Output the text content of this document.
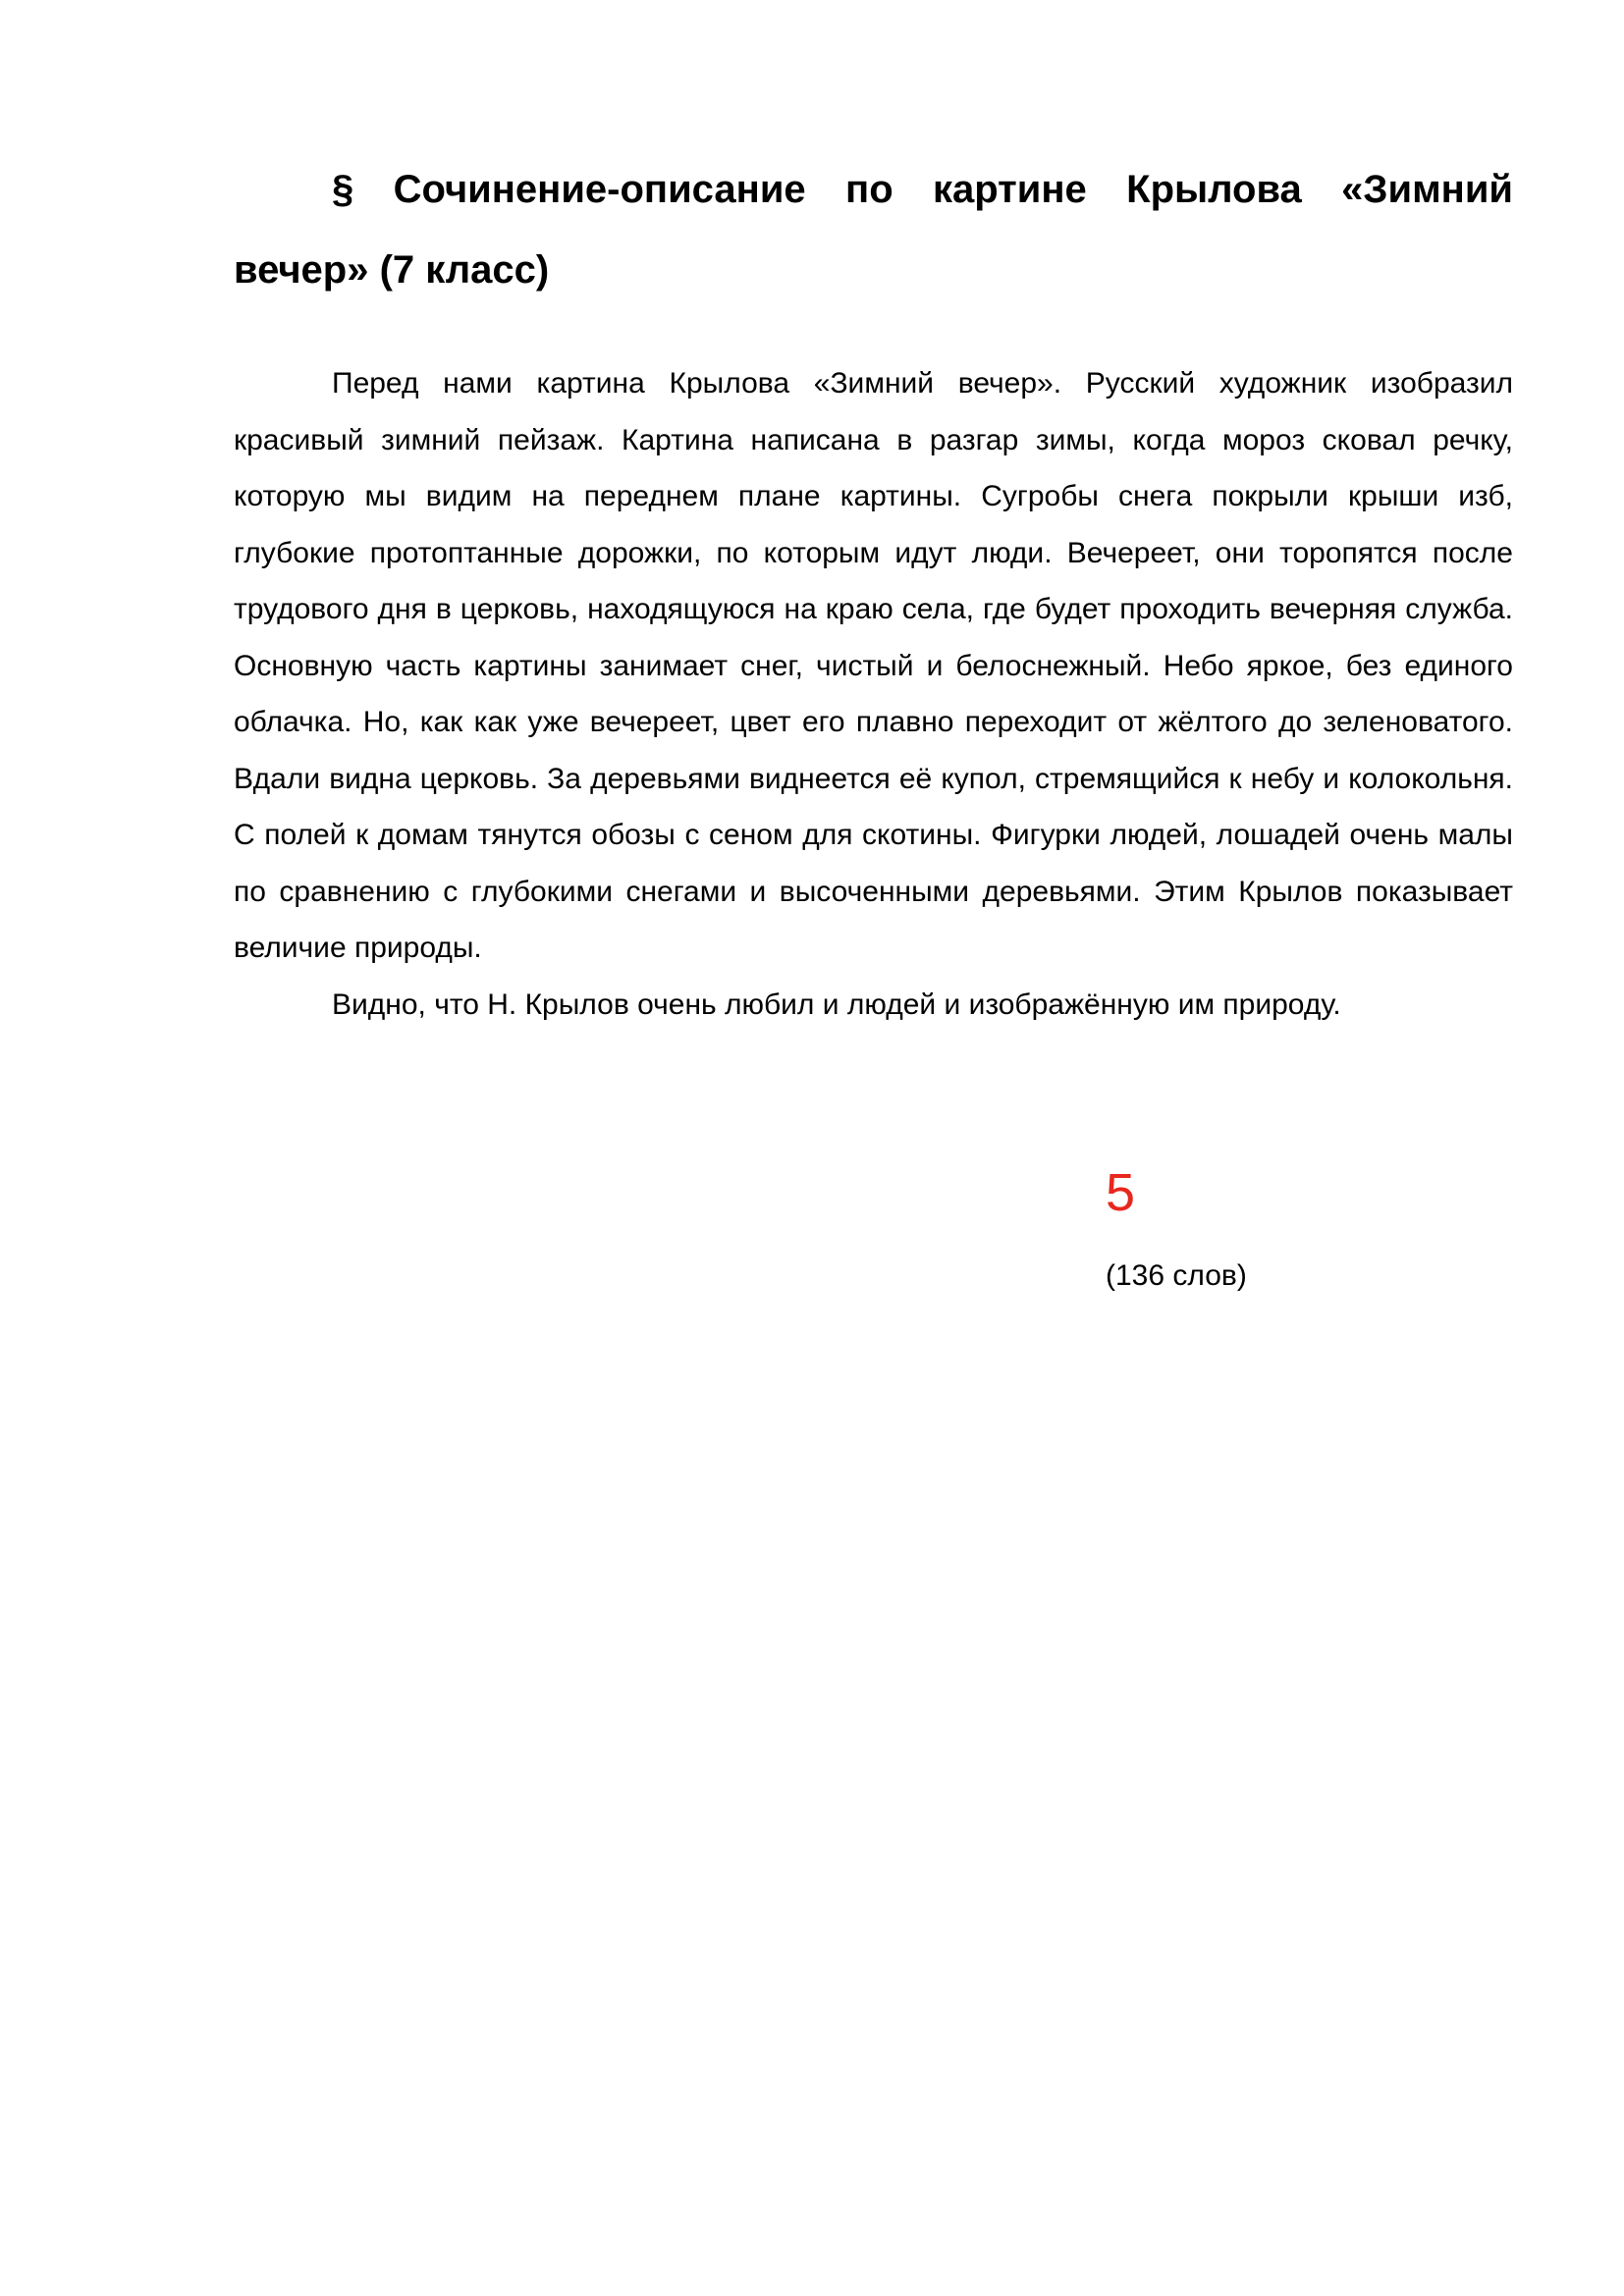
§ Сочинение-описание по картине Крылова «Зимний вечер» (7 класс)

Перед нами картина Крылова «Зимний вечер». Русский художник изобразил красивый зимний пейзаж. Картина написана в разгар зимы, когда мороз сковал речку, которую мы видим на переднем плане картины. Сугробы снега покрыли крыши изб, глубокие протоптанные дорожки, по которым идут люди. Вечереет, они торопятся после трудового дня в церковь, находящуюся на краю села, где будет проходить вечерняя служба. Основную часть картины занимает снег, чистый и белоснежный. Небо яркое, без единого облачка. Но, как как уже вечереет, цвет его плавно переходит от жёлтого до зеленоватого. Вдали видна церковь. За деревьями виднеется её купол, стремящийся к небу и колокольня. С полей к домам тянутся обозы с сеном для скотины. Фигурки людей, лошадей очень малы по сравнению с глубокими снегами и высоченными деревьями. Этим Крылов показывает величие природы.

Видно, что Н. Крылов очень любил и людей и изображённую им природу.

5
(136 слов)
